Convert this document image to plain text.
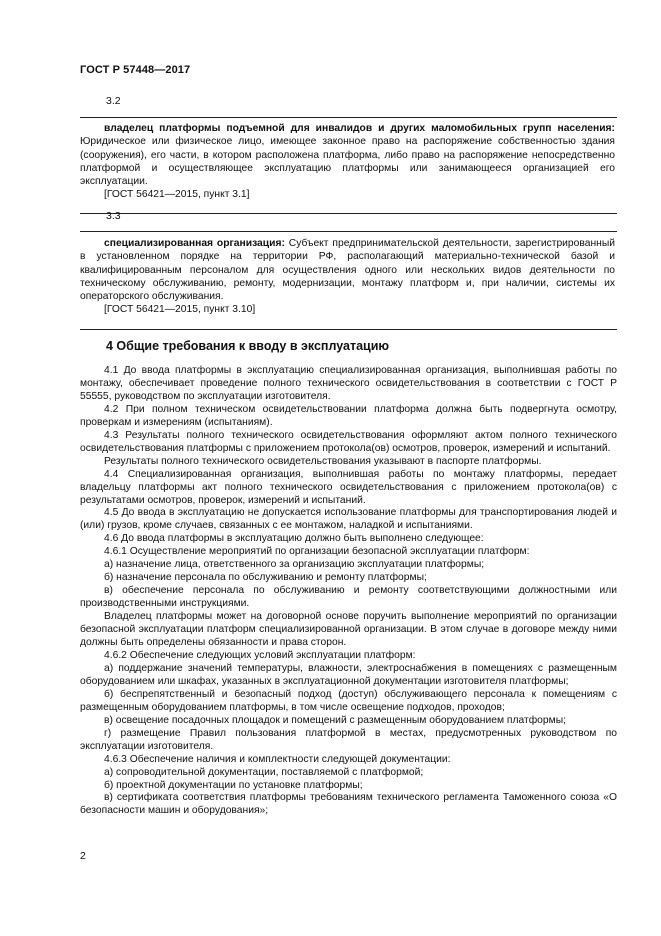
ГОСТ Р 57448—2017
3.2

владелец платформы подъемной для инвалидов и других маломобильных групп населения: Юридическое или физическое лицо, имеющее законное право на распоряжение собственностью здания (сооружения), его части, в котором расположена платформа, либо право на распоряжение непосредственно платформой и осуществляющее эксплуатацию платформы или занимающееся организацией его эксплуатации.

[ГОСТ 56421—2015, пункт 3.1]

3.3

специализированная организация: Субъект предпринимательской деятельности, зарегистрированный в установленном порядке на территории РФ, располагающий материально-технической базой и квалифицированным персоналом для осуществления одного или нескольких видов деятельности по техническому обслуживанию, ремонту, модернизации, монтажу платформ и, при наличии, системы их операторского обслуживания.

[ГОСТ 56421—2015, пункт 3.10]

4 Общие требования к вводу в эксплуатацию

4.1 До ввода платформы в эксплуатацию специализированная организация, выполнившая работы по монтажу, обеспечивает проведение полного технического освидетельствования в соответствии с ГОСТ Р 55555, руководством по эксплуатации изготовителя.

4.2 При полном техническом освидетельствовании платформа должна быть подвергнута осмотру, проверкам и измерениям (испытаниям).

4.3 Результаты полного технического освидетельствования оформляют актом полного технического освидетельствования платформы с приложением протокола(ов) осмотров, проверок, измерений и испытаний.

Результаты полного технического освидетельствования указывают в паспорте платформы.

4.4 Специализированная организация, выполнившая работы по монтажу платформы, передает владельцу платформы акт полного технического освидетельствования с приложением протокола(ов) с результатами осмотров, проверок, измерений и испытаний.

4.5 До ввода в эксплуатацию не допускается использование платформы для транспортирования людей и (или) грузов, кроме случаев, связанных с ее монтажом, наладкой и испытаниями.

4.6 До ввода платформы в эксплуатацию должно быть выполнено следующее:

4.6.1 Осуществление мероприятий по организации безопасной эксплуатации платформ:

а) назначение лица, ответственного за организацию эксплуатации платформы;

б) назначение персонала по обслуживанию и ремонту платформы;

в) обеспечение персонала по обслуживанию и ремонту соответствующими должностными или производственными инструкциями.

Владелец платформы может на договорной основе поручить выполнение мероприятий по организации безопасной эксплуатации платформ специализированной организации. В этом случае в договоре между ними должны быть определены обязанности и права сторон.

4.6.2 Обеспечение следующих условий эксплуатации платформ:

а) поддержание значений температуры, влажности, электроснабжения в помещениях с размещенным оборудованием или шкафах, указанных в эксплуатационной документации изготовителя платформы;

б) беспрепятственный и безопасный подход (доступ) обслуживающего персонала к помещениям с размещенным оборудованием платформы, в том числе освещение подходов, проходов;

в) освещение посадочных площадок и помещений с размещенным оборудованием платформы;

г) размещение Правил пользования платформой в местах, предусмотренных руководством по эксплуатации изготовителя.

4.6.3 Обеспечение наличия и комплектности следующей документации:

а) сопроводительной документации, поставляемой с платформой;

б) проектной документации по установке платформы;

в) сертификата соответствия платформы требованиям технического регламента Таможенного союза «О безопасности машин и оборудования»;

2
